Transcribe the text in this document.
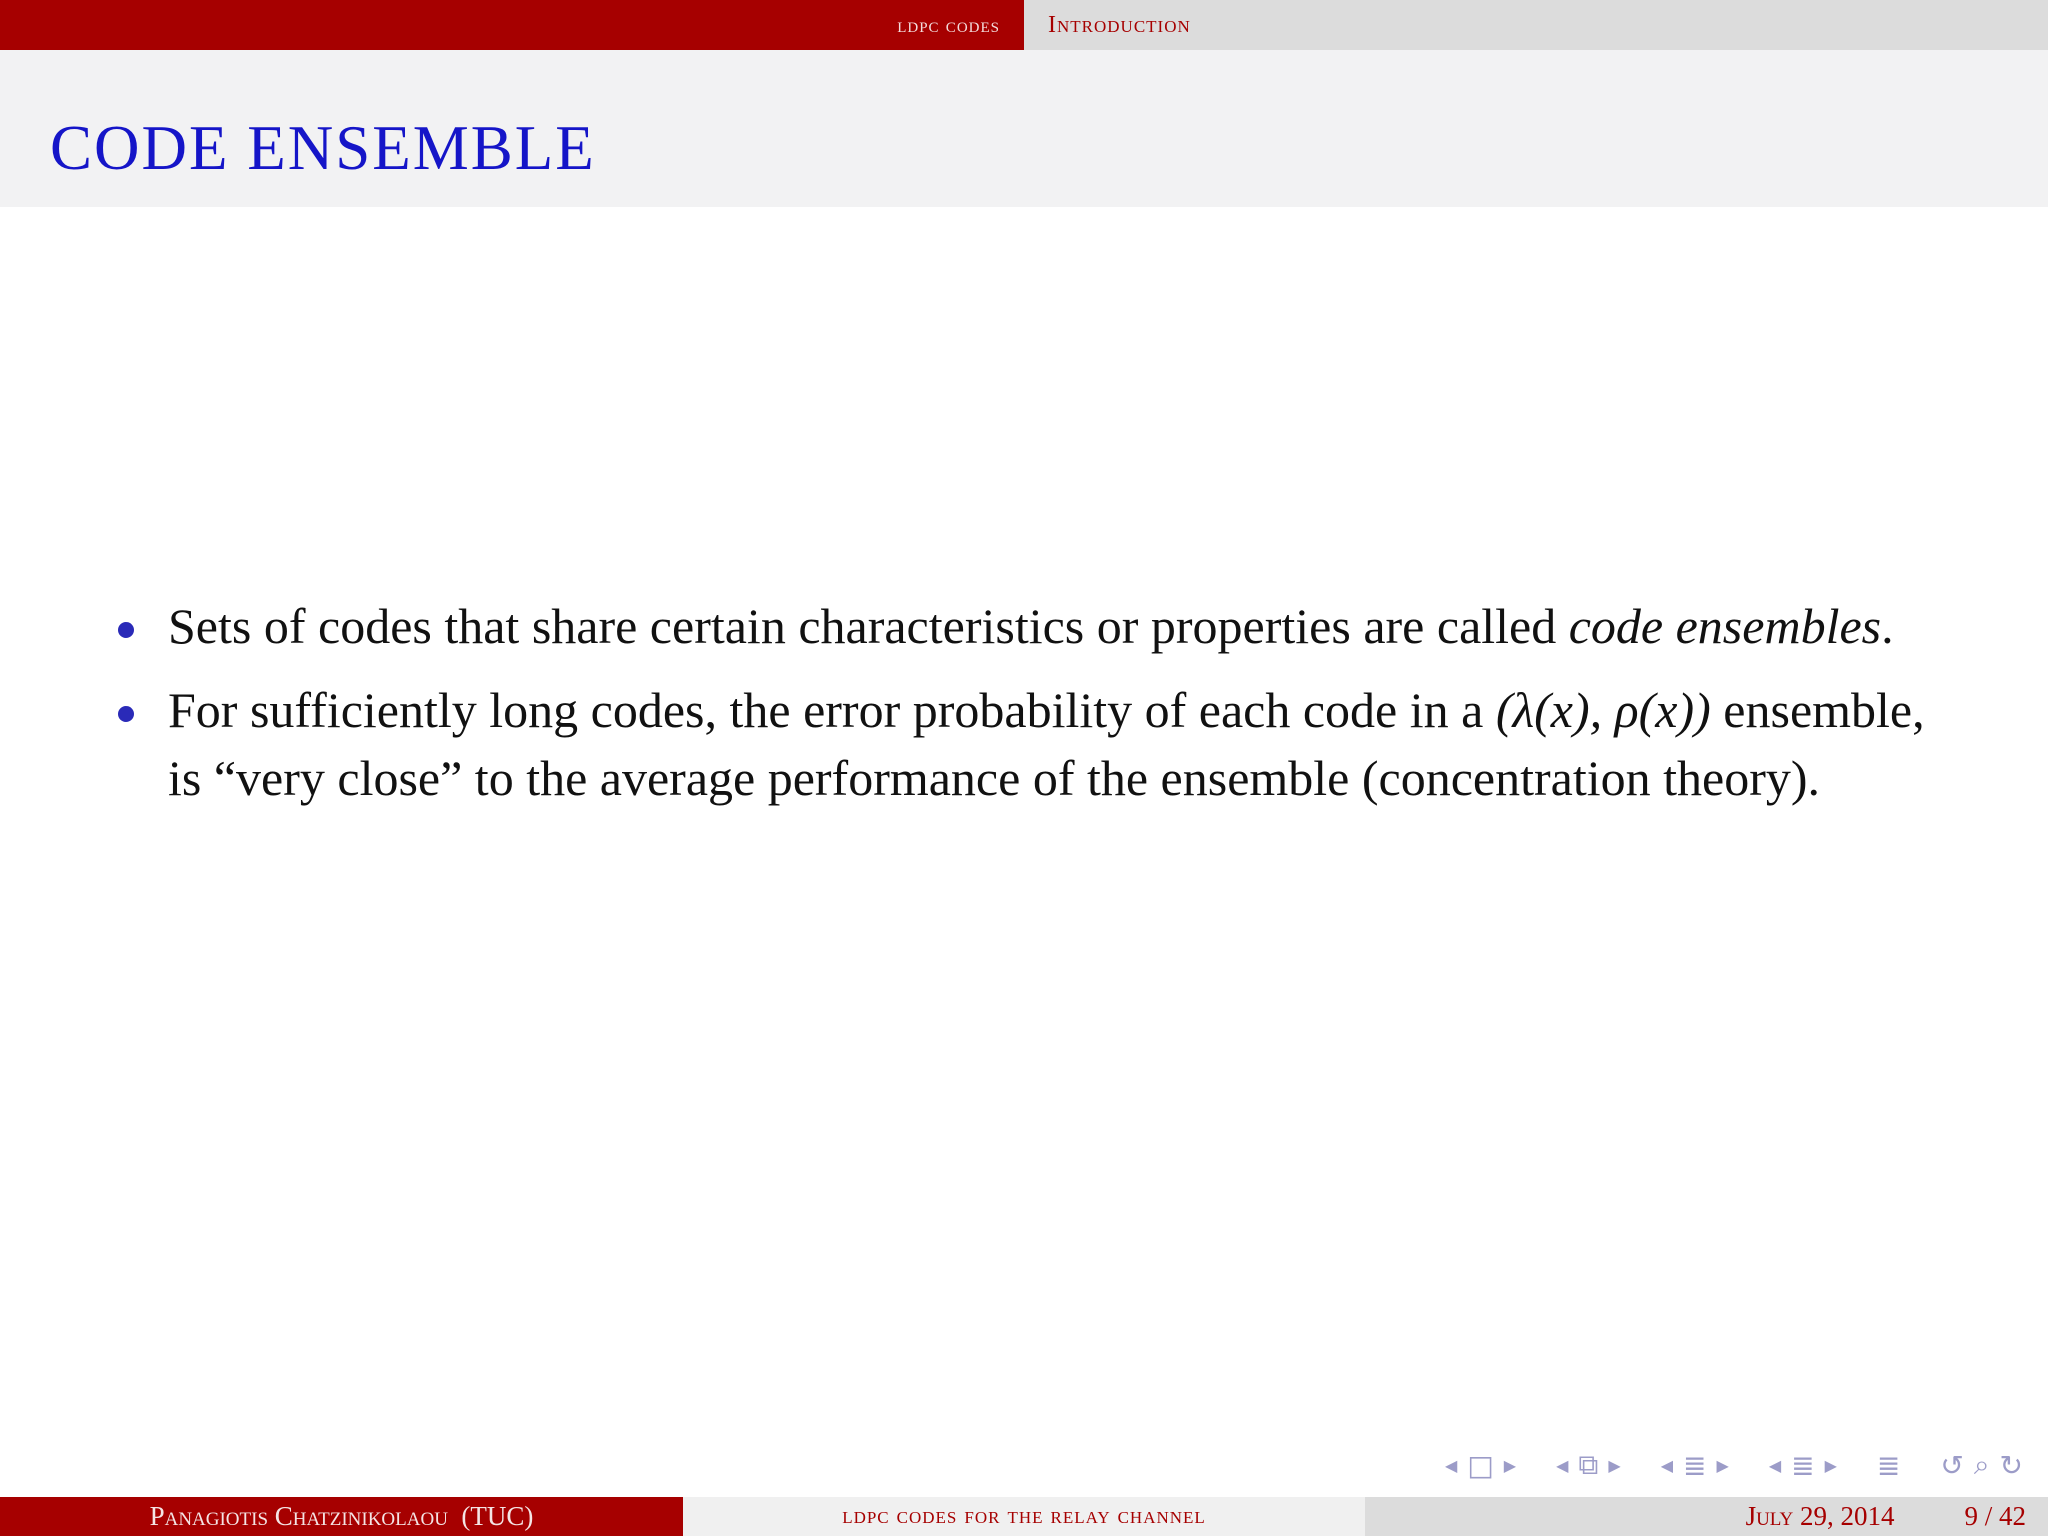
ldpc codes Introduction
CODE ENSEMBLE
Sets of codes that share certain characteristics or properties are called code ensembles.
For sufficiently long codes, the error probability of each code in a (λ(x), ρ(x)) ensemble, is “very close” to the average performance of the ensemble (concentration theory).
◀ □ ▶	◀ ⧉ ▶	◀ ≣ ▶	◀ ≣ ▶ ≣ ↺ ⌕ ↻
Panagiotis Chatzinikolaou
(TUC)	ldpc codes for the relay channel	July 29, 2014	9 / 42
